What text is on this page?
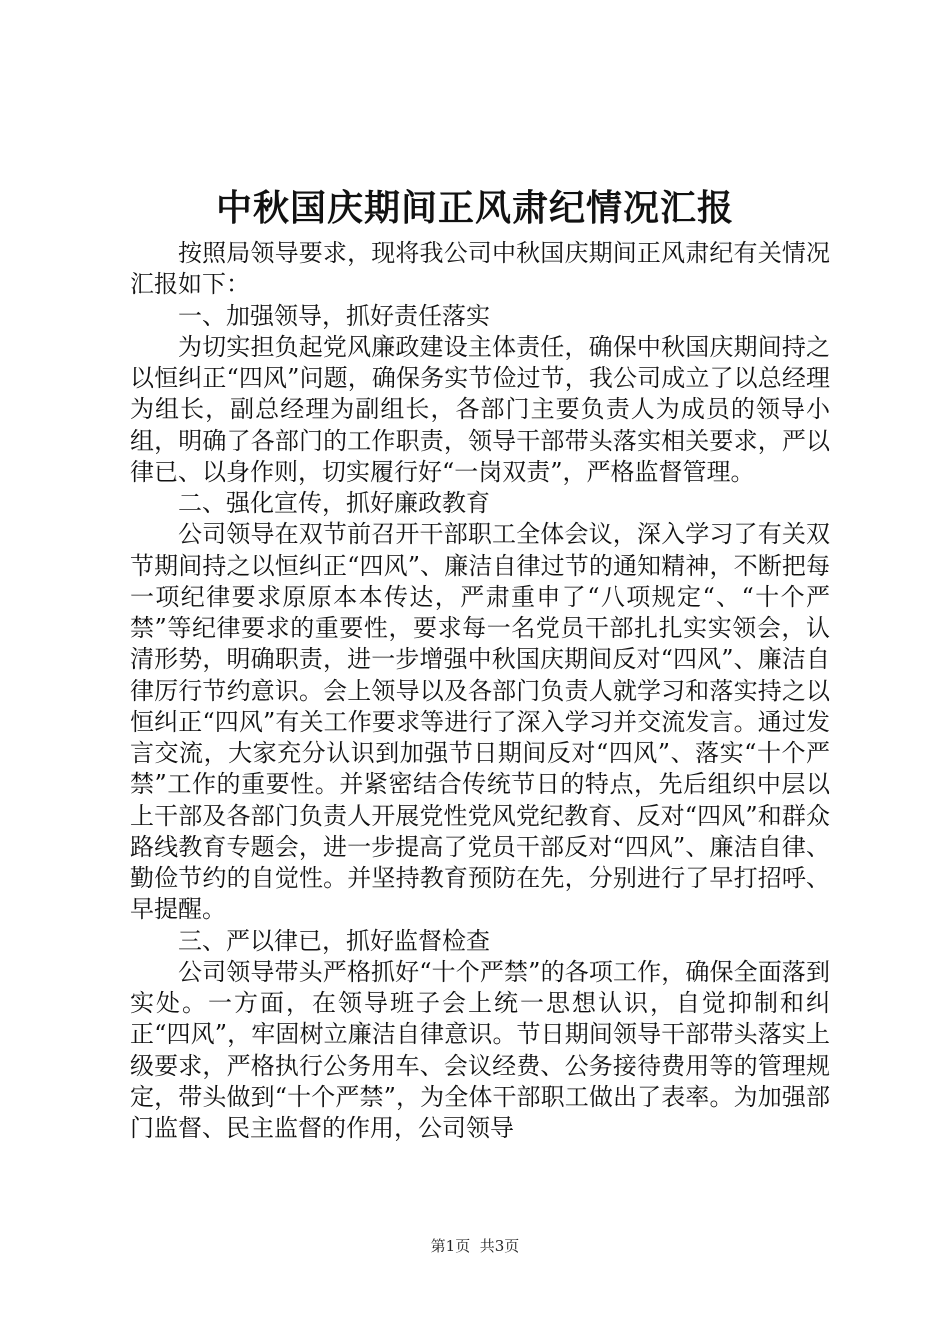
中秋国庆期间正风肃纪情况汇报

按照局领导要求，现将我公司中秋国庆期间正风肃纪有关情况汇报如下：

一、加强领导，抓好责任落实

为切实担负起党风廉政建设主体责任，确保中秋国庆期间持之以恒纠正“四风”问题，确保务实节俭过节，我公司成立了以总经理为组长，副总经理为副组长，各部门主要负责人为成员的领导小组，明确了各部门的工作职责，领导干部带头落实相关要求，严以律已、以身作则，切实履行好“一岗双责”，严格监督管理。

二、强化宣传，抓好廉政教育

公司领导在双节前召开干部职工全体会议，深入学习了有关双节期间持之以恒纠正“四风”、廉洁自律过节的通知精神，不断把每一项纪律要求原原本本传达，严肃重申了“八项规定“、“十个严禁”等纪律要求的重要性，要求每一名党员干部扎扎实实领会，认清形势，明确职责，进一步增强中秋国庆期间反对“四风”、廉洁自律厉行节约意识。会上领导以及各部门负责人就学习和落实持之以恒纠正“四风”有关工作要求等进行了深入学习并交流发言。通过发言交流，大家充分认识到加强节日期间反对“四风”、落实“十个严禁”工作的重要性。并紧密结合传统节日的特点，先后组织中层以上干部及各部门负责人开展党性党风党纪教育、反对“四风”和群众路线教育专题会，进一步提高了党员干部反对“四风”、廉洁自律、勤俭节约的自觉性。并坚持教育预防在先，分别进行了早打招呼、早提醒。

三、严以律已，抓好监督检查

公司领导带头严格抓好“十个严禁”的各项工作，确保全面落到实处。一方面，在领导班子会上统一思想认识，自觉抑制和纠正“四风”，牢固树立廉洁自律意识。节日期间领导干部带头落实上级要求，严格执行公务用车、会议经费、公务接待费用等的管理规定，带头做到“十个严禁”，为全体干部职工做出了表率。为加强部门监督、民主监督的作用，公司领导

第1页 共3页
